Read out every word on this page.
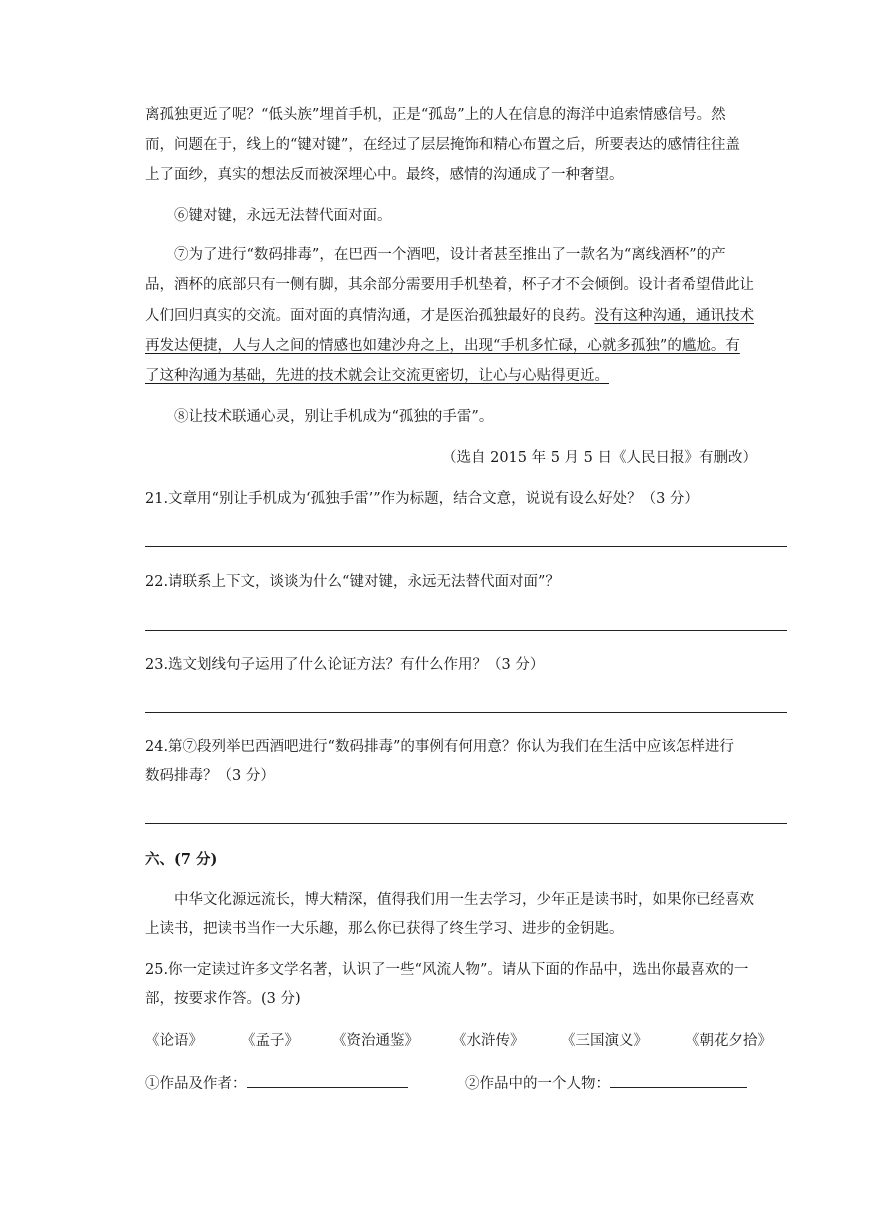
离孤独更近了呢？“低头族”埋首手机，正是“孤岛”上的人在信息的海洋中追索情感信号。然
而，问题在于，线上的“键对键”，在经过了层层掩饰和精心布置之后，所要表达的感情往往盖
上了面纱，真实的想法反而被深埋心中。最终，感情的沟通成了一种奢望。
⑥键对键，永远无法替代面对面。
⑦为了进行“数码排毒”，在巴西一个酒吧，设计者甚至推出了一款名为“离线酒杯”的产
品，酒杯的底部只有一侧有脚，其余部分需要用手机垫着，杯子才不会倾倒。设计者希望借此让
人们回归真实的交流。面对面的真情沟通，才是医治孤独最好的良药。没有这种沟通，通讯技术
再发达便捷，人与人之间的情感也如建沙舟之上，出现“手机多忙碌，心就多孤独”的尴尬。有
了这种沟通为基础，先进的技术就会让交流更密切，让心与心贴得更近。
⑧让技术联通心灵，别让手机成为“孤独的手雷”。
（选自 2015 年 5 月 5 日《人民日报》有删改）
21.文章用“别让手机成为‘孤独手雷’”作为标题，结合文意，说说有设么好处？（3 分）
22.请联系上下文，谈谈为什么“键对键，永远无法替代面对面”？
23.选文划线句子运用了什么论证方法？有什么作用？（3 分）
24.第⑦段列举巴西酒吧进行“数码排毒”的事例有何用意？你认为我们在生活中应该怎样进行
数码排毒？（3 分）
六、(7 分)
中华文化源远流长，博大精深，值得我们用一生去学习，少年正是读书时，如果你已经喜欢
上读书，把读书当作一大乐趣，那么你已获得了终生学习、进步的金钥匙。
25.你一定读过许多文学名著，认识了一些“风流人物”。请从下面的作品中，选出你最喜欢的一
部，按要求作答。(3 分)
《论语》	《孟子》 《资治通鉴》 《水浒传》	《三国演义》	《朝花夕拾》
①作品及作者：	②作品中的一个人物：
